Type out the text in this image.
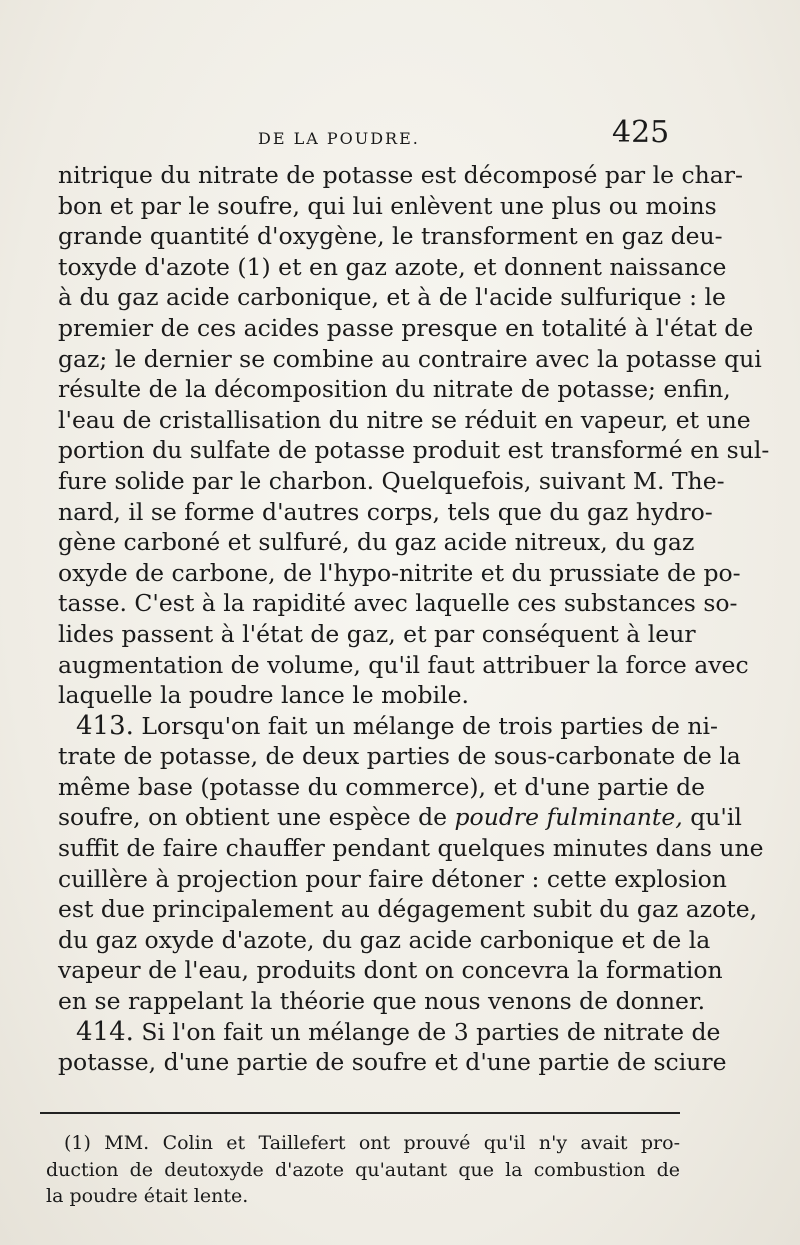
DE LA POUDRE.	425
nitrique du nitrate de potasse est décomposé par le char-
bon et par le soufre, qui lui enlèvent une plus ou moins
grande quantité d'oxygène, le transforment en gaz deu-
toxyde d'azote (1) et en gaz azote, et donnent naissance
à du gaz acide carbonique, et à de l'acide sulfurique : le
premier de ces acides passe presque en totalité à l'état de
gaz; le dernier se combine au contraire avec la potasse qui
résulte de la décomposition du nitrate de potasse; enfin,
l'eau de cristallisation du nitre se réduit en vapeur, et une
portion du sulfate de potasse produit est transformé en sul-
fure solide par le charbon. Quelquefois, suivant M. The-
nard, il se forme d'autres corps, tels que du gaz hydro-
gène carboné et sulfuré, du gaz acide nitreux, du gaz
oxyde de carbone, de l'hypo-nitrite et du prussiate de po-
tasse. C'est à la rapidité avec laquelle ces substances so-
lides passent à l'état de gaz, et par conséquent à leur
augmentation de volume, qu'il faut attribuer la force avec
laquelle la poudre lance le mobile.
413. Lorsqu'on fait un mélange de trois parties de ni-
trate de potasse, de deux parties de sous-carbonate de la
même base (potasse du commerce), et d'une partie de
soufre, on obtient une espèce de poudre fulminante, qu'il
suffit de faire chauffer pendant quelques minutes dans une
cuillère à projection pour faire détoner : cette explosion
est due principalement au dégagement subit du gaz azote,
du gaz oxyde d'azote, du gaz acide carbonique et de la
vapeur de l'eau, produits dont on concevra la formation
en se rappelant la théorie que nous venons de donner.
414. Si l'on fait un mélange de 3 parties de nitrate de
potasse, d'une partie de soufre et d'une partie de sciure
(1) MM. Colin et Taillefert ont prouvé qu'il n'y avait pro-
duction de deutoxyde d'azote qu'autant que la combustion de
la poudre était lente.
